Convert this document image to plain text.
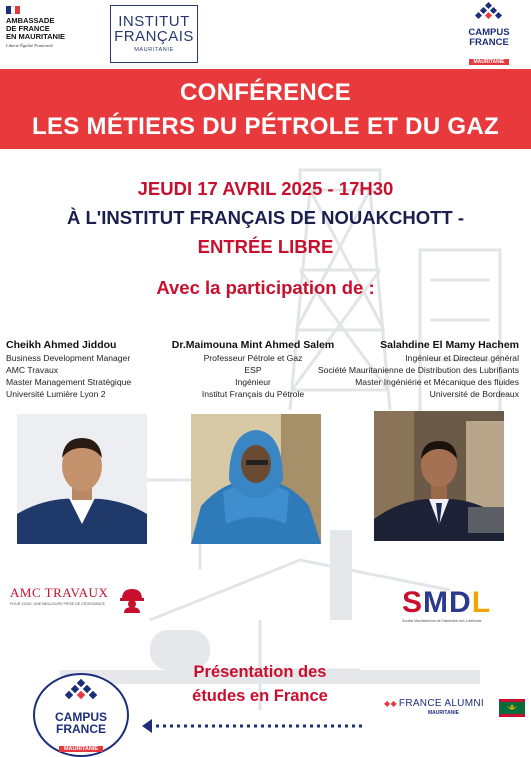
AMBASSADE
DE FRANCE
EN MAURITANIE
Liberté Égalité Fraternité
INSTITUT
FRANÇAIS
MAURITANIE
CAMPUS
FRANCE
MAURITANIE
CONFÉRENCE
LES MÉTIERS DU PÉTROLE ET DU GAZ
JEUDI 17 AVRIL 2025 - 17H30
À L'INSTITUT FRANÇAIS DE NOUAKCHOTT -
ENTRÉE LIBRE
Avec la participation de :
Cheikh Ahmed Jiddou
Business Development Manager
AMC Travaux
Master Management Stratégique
Université Lumière Lyon 2
Dr.Maimouna Mint Ahmed Salem
Professeur Pétrole et Gaz
ESP
Ingénieur
Institut Français du Pétrole
Salahdine El Mamy Hachem
Ingénieur et Directeur général
Société Mauritanienne de Distribution des Lubrifiants
Master Ingéniérie et Mécanique des fluides
Université de Bordeaux
AMC TRAVAUX
POUR VOUS, UNE MEILLEURE PRISE DE CROISSANCE	SMDL
Société Mauritanienne de Distribution des Lubrifiants
CAMPUS
FRANCE
MAURITANIE
Présentation des
études en France	◆◆ FRANCE ALUMNI
MAURITANIE
